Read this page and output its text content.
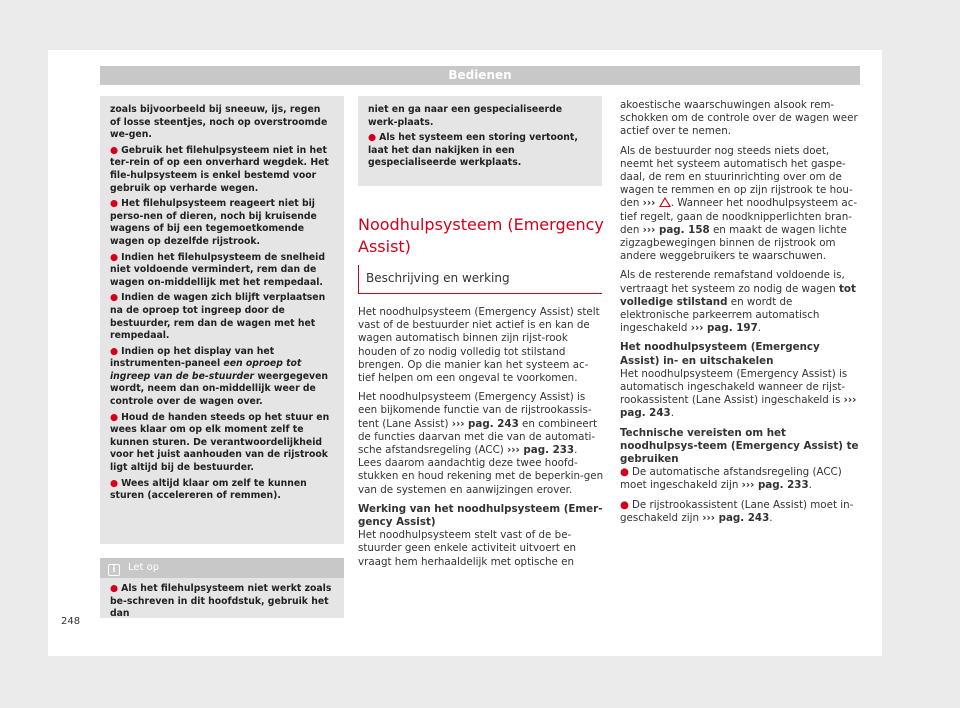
Bedienen

zoals bijvoorbeeld bij sneeuw, ijs, regen of losse steentjes, noch op overstroomde we-gen.

● Gebruik het filehulpsysteem niet in het ter-rein of op een onverhard wegdek. Het file-hulpsysteem is enkel bestemd voor gebruik op verharde wegen.

● Het filehulpsysteem reageert niet bij perso-nen of dieren, noch bij kruisende wagens of bij een tegemoetkomende wagen op dezelfde rijstrook.

● Indien het filehulpsysteem de snelheid niet voldoende vermindert, rem dan de wagen on-middellijk met het rempedaal.

● Indien de wagen zich blijft verplaatsen na de oproep tot ingreep door de bestuurder, rem dan de wagen met het rempedaal.

● Indien op het display van het instrumenten-paneel een oproep tot ingreep van de be-stuurder weergegeven wordt, neem dan on-middellijk weer de controle over de wagen over.

● Houd de handen steeds op het stuur en wees klaar om op elk moment zelf te kunnen sturen. De verantwoordelijkheid voor het juist aanhouden van de rijstrook ligt altijd bij de bestuurder.

● Wees altijd klaar om zelf te kunnen sturen (accelereren of remmen).

i Let op

● Als het filehulpsysteem niet werkt zoals be-schreven in dit hoofdstuk, gebruik het dan

niet en ga naar een gespecialiseerde werk-plaats.

● Als het systeem een storing vertoont, laat het dan nakijken in een gespecialiseerde werkplaats.

Noodhulpsysteem (Emergency Assist)
Beschrijving en werking

Het noodhulpsysteem (Emergency Assist) stelt vast of de bestuurder niet actief is en kan de wagen automatisch binnen zijn rijst-rook houden of zo nodig volledig tot stilstand brengen. Op die manier kan het systeem ac-tief helpen om een ongeval te voorkomen.

Het noodhulpsysteem (Emergency Assist) is een bijkomende functie van de rijstrookassis-tent (Lane Assist) ››› pag. 243 en combineert de functies daarvan met die van de automati-sche afstandsregeling (ACC) ››› pag. 233. Lees daarom aandachtig deze twee hoofd-stukken en houd rekening met de beperkin-gen van de systemen en aanwijzingen erover.

Werking van het noodhulpsysteem (Emer-gency Assist)

Het noodhulpsysteem stelt vast of de be-stuurder geen enkele activiteit uitvoert en vraagt hem herhaaldelijk met optische en

akoestische waarschuwingen alsook rem-schokken om de controle over de wagen weer actief over te nemen.

Als de bestuurder nog steeds niets doet, neemt het systeem automatisch het gaspe-daal, de rem en stuurinrichting over om de wagen te remmen en op zijn rijstrook te hou-den ››› . Wanneer het noodhulpsysteem ac-tief regelt, gaan de noodknipperlichten bran-den ››› pag. 158 en maakt de wagen lichte zigzagbewegingen binnen de rijstrook om andere weggebruikers te waarschuwen.

Als de resterende remafstand voldoende is, vertraagt het systeem zo nodig de wagen tot volledige stilstand en wordt de elektronische parkeerrem automatisch ingeschakeld ››› pag. 197.

Het noodhulpsysteem (Emergency Assist) in- en uitschakelen

Het noodhulpsysteem (Emergency Assist) is automatisch ingeschakeld wanneer de rijst-rookassistent (Lane Assist) ingeschakeld is ››› pag. 243.

Technische vereisten om het noodhulpsys-teem (Emergency Assist) te gebruiken

● De automatische afstandsregeling (ACC) moet ingeschakeld zijn ››› pag. 233.

● De rijstrookassistent (Lane Assist) moet in-geschakeld zijn ››› pag. 243.

248
